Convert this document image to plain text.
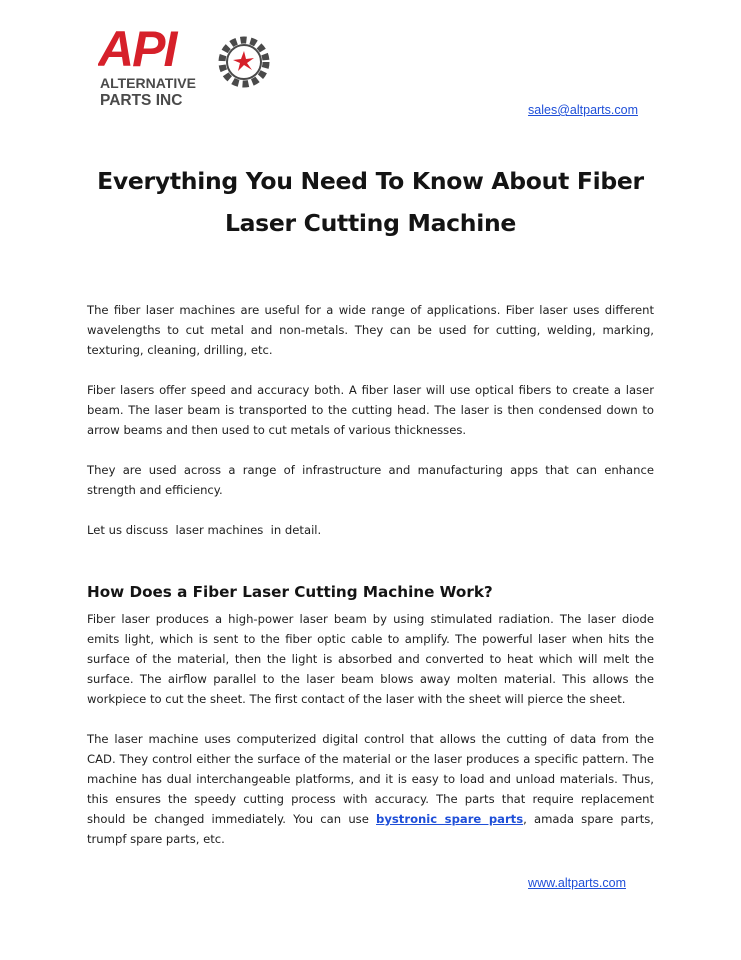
API
ALTERNATIVE
PARTS INC
sales@altparts.com
Everything You Need To Know About Fiber
Laser Cutting Machine

The fiber laser machines are useful for a wide range of applications. Fiber laser uses different wavelengths to cut metal and non-metals. They can be used for cutting, welding, marking, texturing, cleaning, drilling, etc.

Fiber lasers offer speed and accuracy both. A fiber laser will use optical fibers to create a laser beam. The laser beam is transported to the cutting head. The laser is then condensed down to arrow beams and then used to cut metals of various thicknesses.

They are used across a range of infrastructure and manufacturing apps that can enhance strength and efficiency.

Let us discuss  laser machines  in detail.

How Does a Fiber Laser Cutting Machine Work?

Fiber laser produces a high-power laser beam by using stimulated radiation. The laser diode emits light, which is sent to the fiber optic cable to amplify. The powerful laser when hits the surface of the material, then the light is absorbed and converted to heat which will melt the surface. The airflow parallel to the laser beam blows away molten material. This allows the workpiece to cut the sheet. The first contact of the laser with the sheet will pierce the sheet.

The laser machine uses computerized digital control that allows the cutting of data from the CAD. They control either the surface of the material or the laser produces a specific pattern. The machine has dual interchangeable platforms, and it is easy to load and unload materials. Thus, this ensures the speedy cutting process with accuracy. The parts that require replacement should be changed immediately. You can use bystronic spare parts, amada spare parts, trumpf spare parts, etc.

www.altparts.com
